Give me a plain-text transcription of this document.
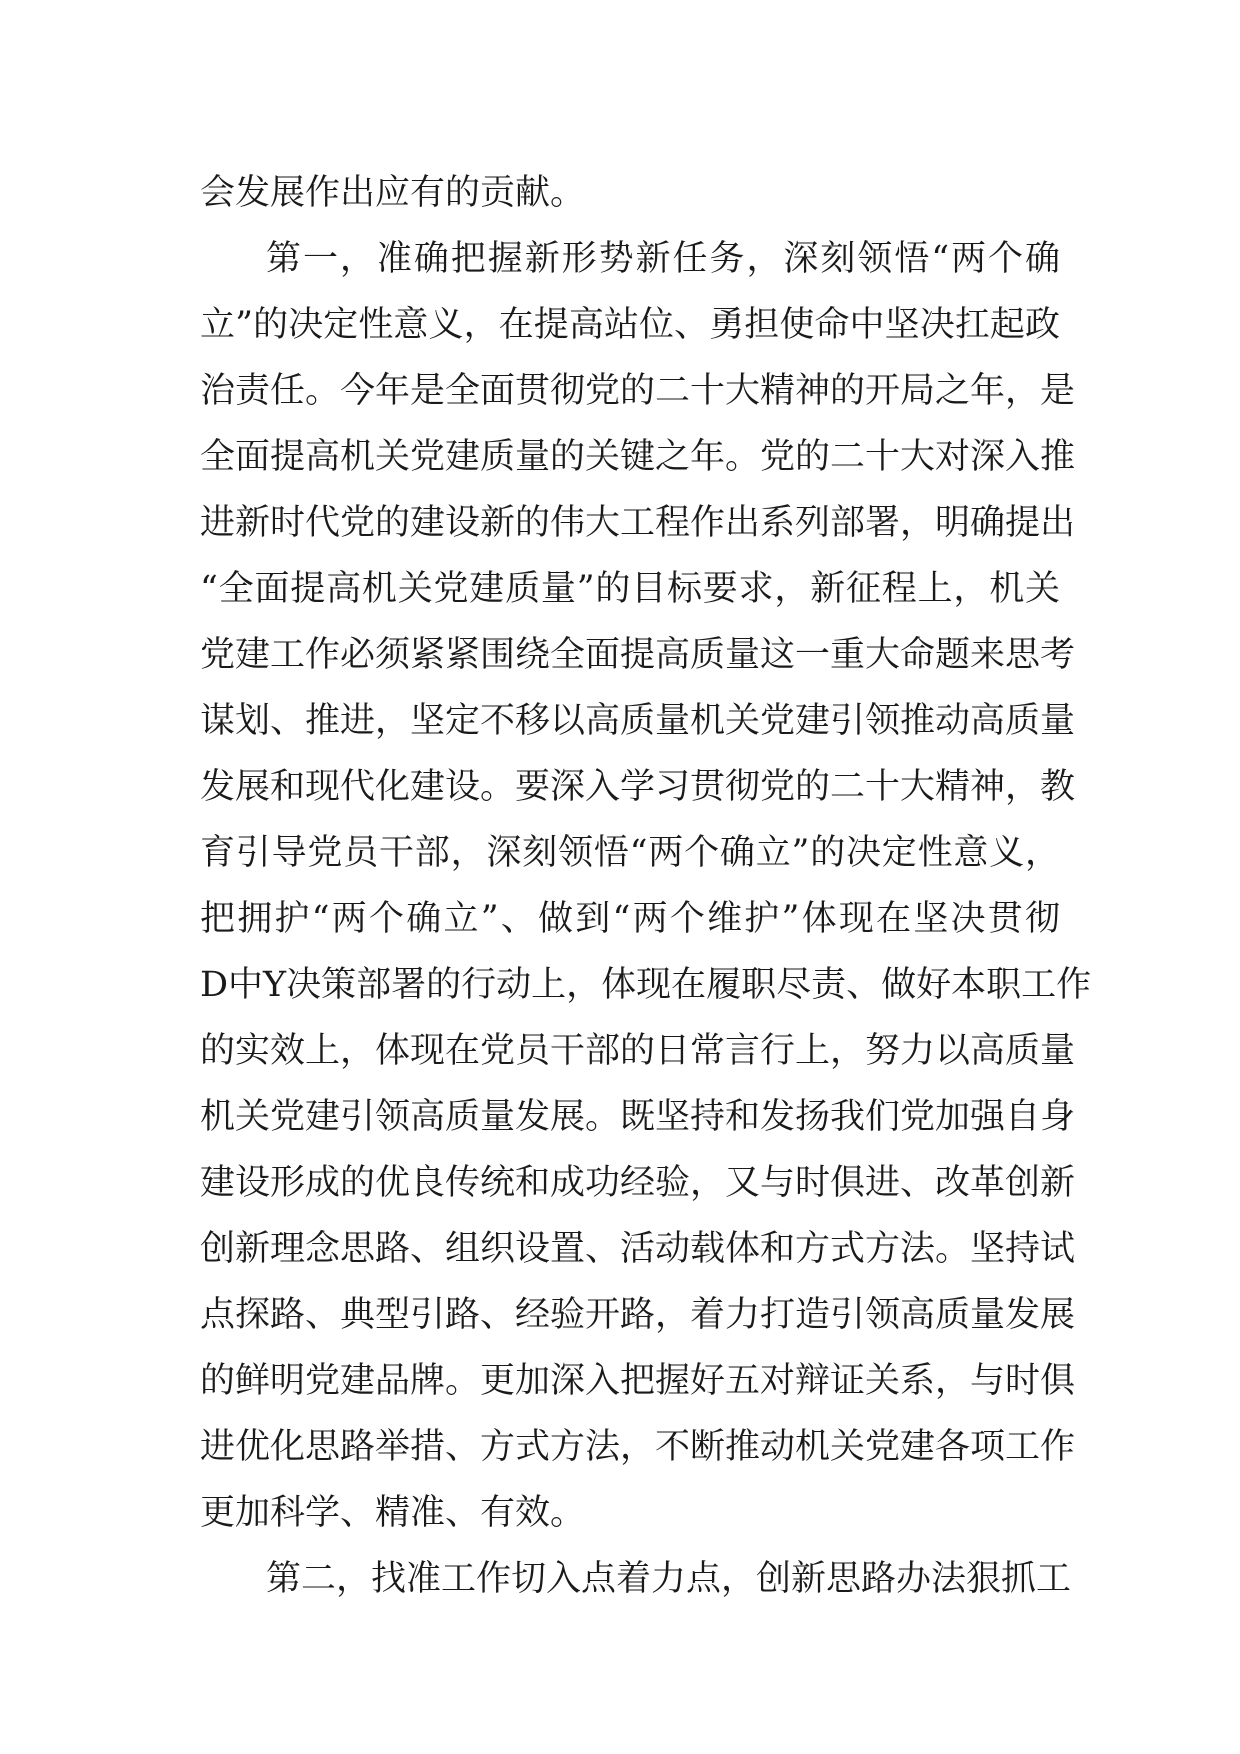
会发展作出应有的贡献。
第一，准确把握新形势新任务，深刻领悟“两个确
立”的决定性意义，在提高站位、勇担使命中坚决扛起政
治责任。今年是全面贯彻党的二十大精神的开局之年，是
全面提高机关党建质量的关键之年。党的二十大对深入推
进新时代党的建设新的伟大工程作出系列部署，明确提出
“全面提高机关党建质量”的目标要求，新征程上，机关
党建工作必须紧紧围绕全面提高质量这一重大命题来思考
谋划、推进，坚定不移以高质量机关党建引领推动高质量
发展和现代化建设。要深入学习贯彻党的二十大精神，教
育引导党员干部，深刻领悟“两个确立”的决定性意义，
把拥护“两个确立”、做到“两个维护”体现在坚决贯彻
D中Y决策部署的行动上，体现在履职尽责、做好本职工作
的实效上，体现在党员干部的日常言行上，努力以高质量
机关党建引领高质量发展。既坚持和发扬我们党加强自身
建设形成的优良传统和成功经验，又与时俱进、改革创新
创新理念思路、组织设置、活动载体和方式方法。坚持试
点探路、典型引路、经验开路，着力打造引领高质量发展
的鲜明党建品牌。更加深入把握好五对辩证关系，与时俱
进优化思路举措、方式方法，不断推动机关党建各项工作
更加科学、精准、有效。
第二，找准工作切入点着力点，创新思路办法狠抓工
